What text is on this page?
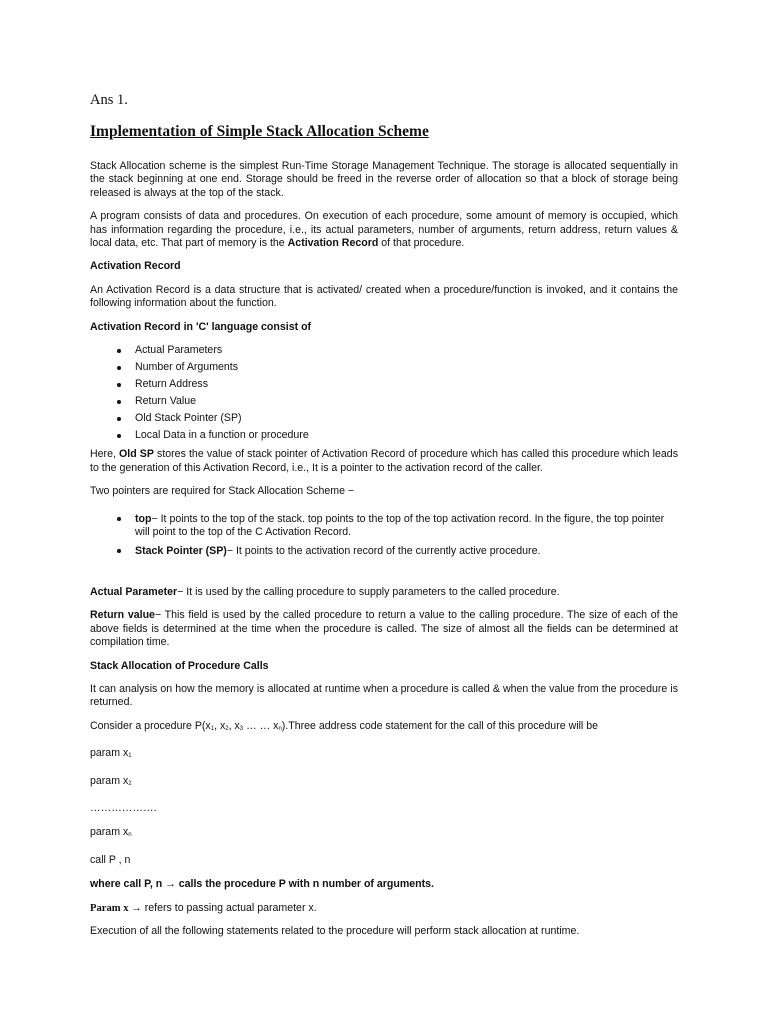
Ans 1.
Implementation of Simple Stack Allocation Scheme

Stack Allocation scheme is the simplest Run-Time Storage Management Technique. The storage is allocated sequentially in the stack beginning at one end. Storage should be freed in the reverse order of allocation so that a block of storage being released is always at the top of the stack.

A program consists of data and procedures. On execution of each procedure, some amount of memory is occupied, which has information regarding the procedure, i.e., its actual parameters, number of arguments, return address, return values & local data, etc. That part of memory is the Activation Record of that procedure.

Activation Record

An Activation Record is a data structure that is activated/ created when a procedure/function is invoked, and it contains the following information about the function.

Activation Record in 'C' language consist of

Actual Parameters
Number of Arguments
Return Address
Return Value
Old Stack Pointer (SP)
Local Data in a function or procedure

Here, Old SP stores the value of stack pointer of Activation Record of procedure which has called this procedure which leads to the generation of this Activation Record, i.e., It is a pointer to the activation record of the caller.

Two pointers are required for Stack Allocation Scheme −

top− It points to the top of the stack. top points to the top of the top activation record. In the figure, the top pointer will point to the top of the C Activation Record.
Stack Pointer (SP)− It points to the activation record of the currently active procedure.

Actual Parameter− It is used by the calling procedure to supply parameters to the called procedure.

Return value− This field is used by the called procedure to return a value to the calling procedure. The size of each of the above fields is determined at the time when the procedure is called. The size of almost all the fields can be determined at compilation time.

Stack Allocation of Procedure Calls

It can analysis on how the memory is allocated at runtime when a procedure is called & when the value from the procedure is returned.

Consider a procedure $P(x_1$, $x_2$, $x_3$ … … $x_n).Three$ address code statement for the call of this procedure will be

param $x_1$

param $x_2$

……………….

param $x_n$

call P , n

where call P, n → calls the procedure P with n number of arguments.

Param x → refers to passing actual parameter x.

Execution of all the following statements related to the procedure will perform stack allocation at runtime.
